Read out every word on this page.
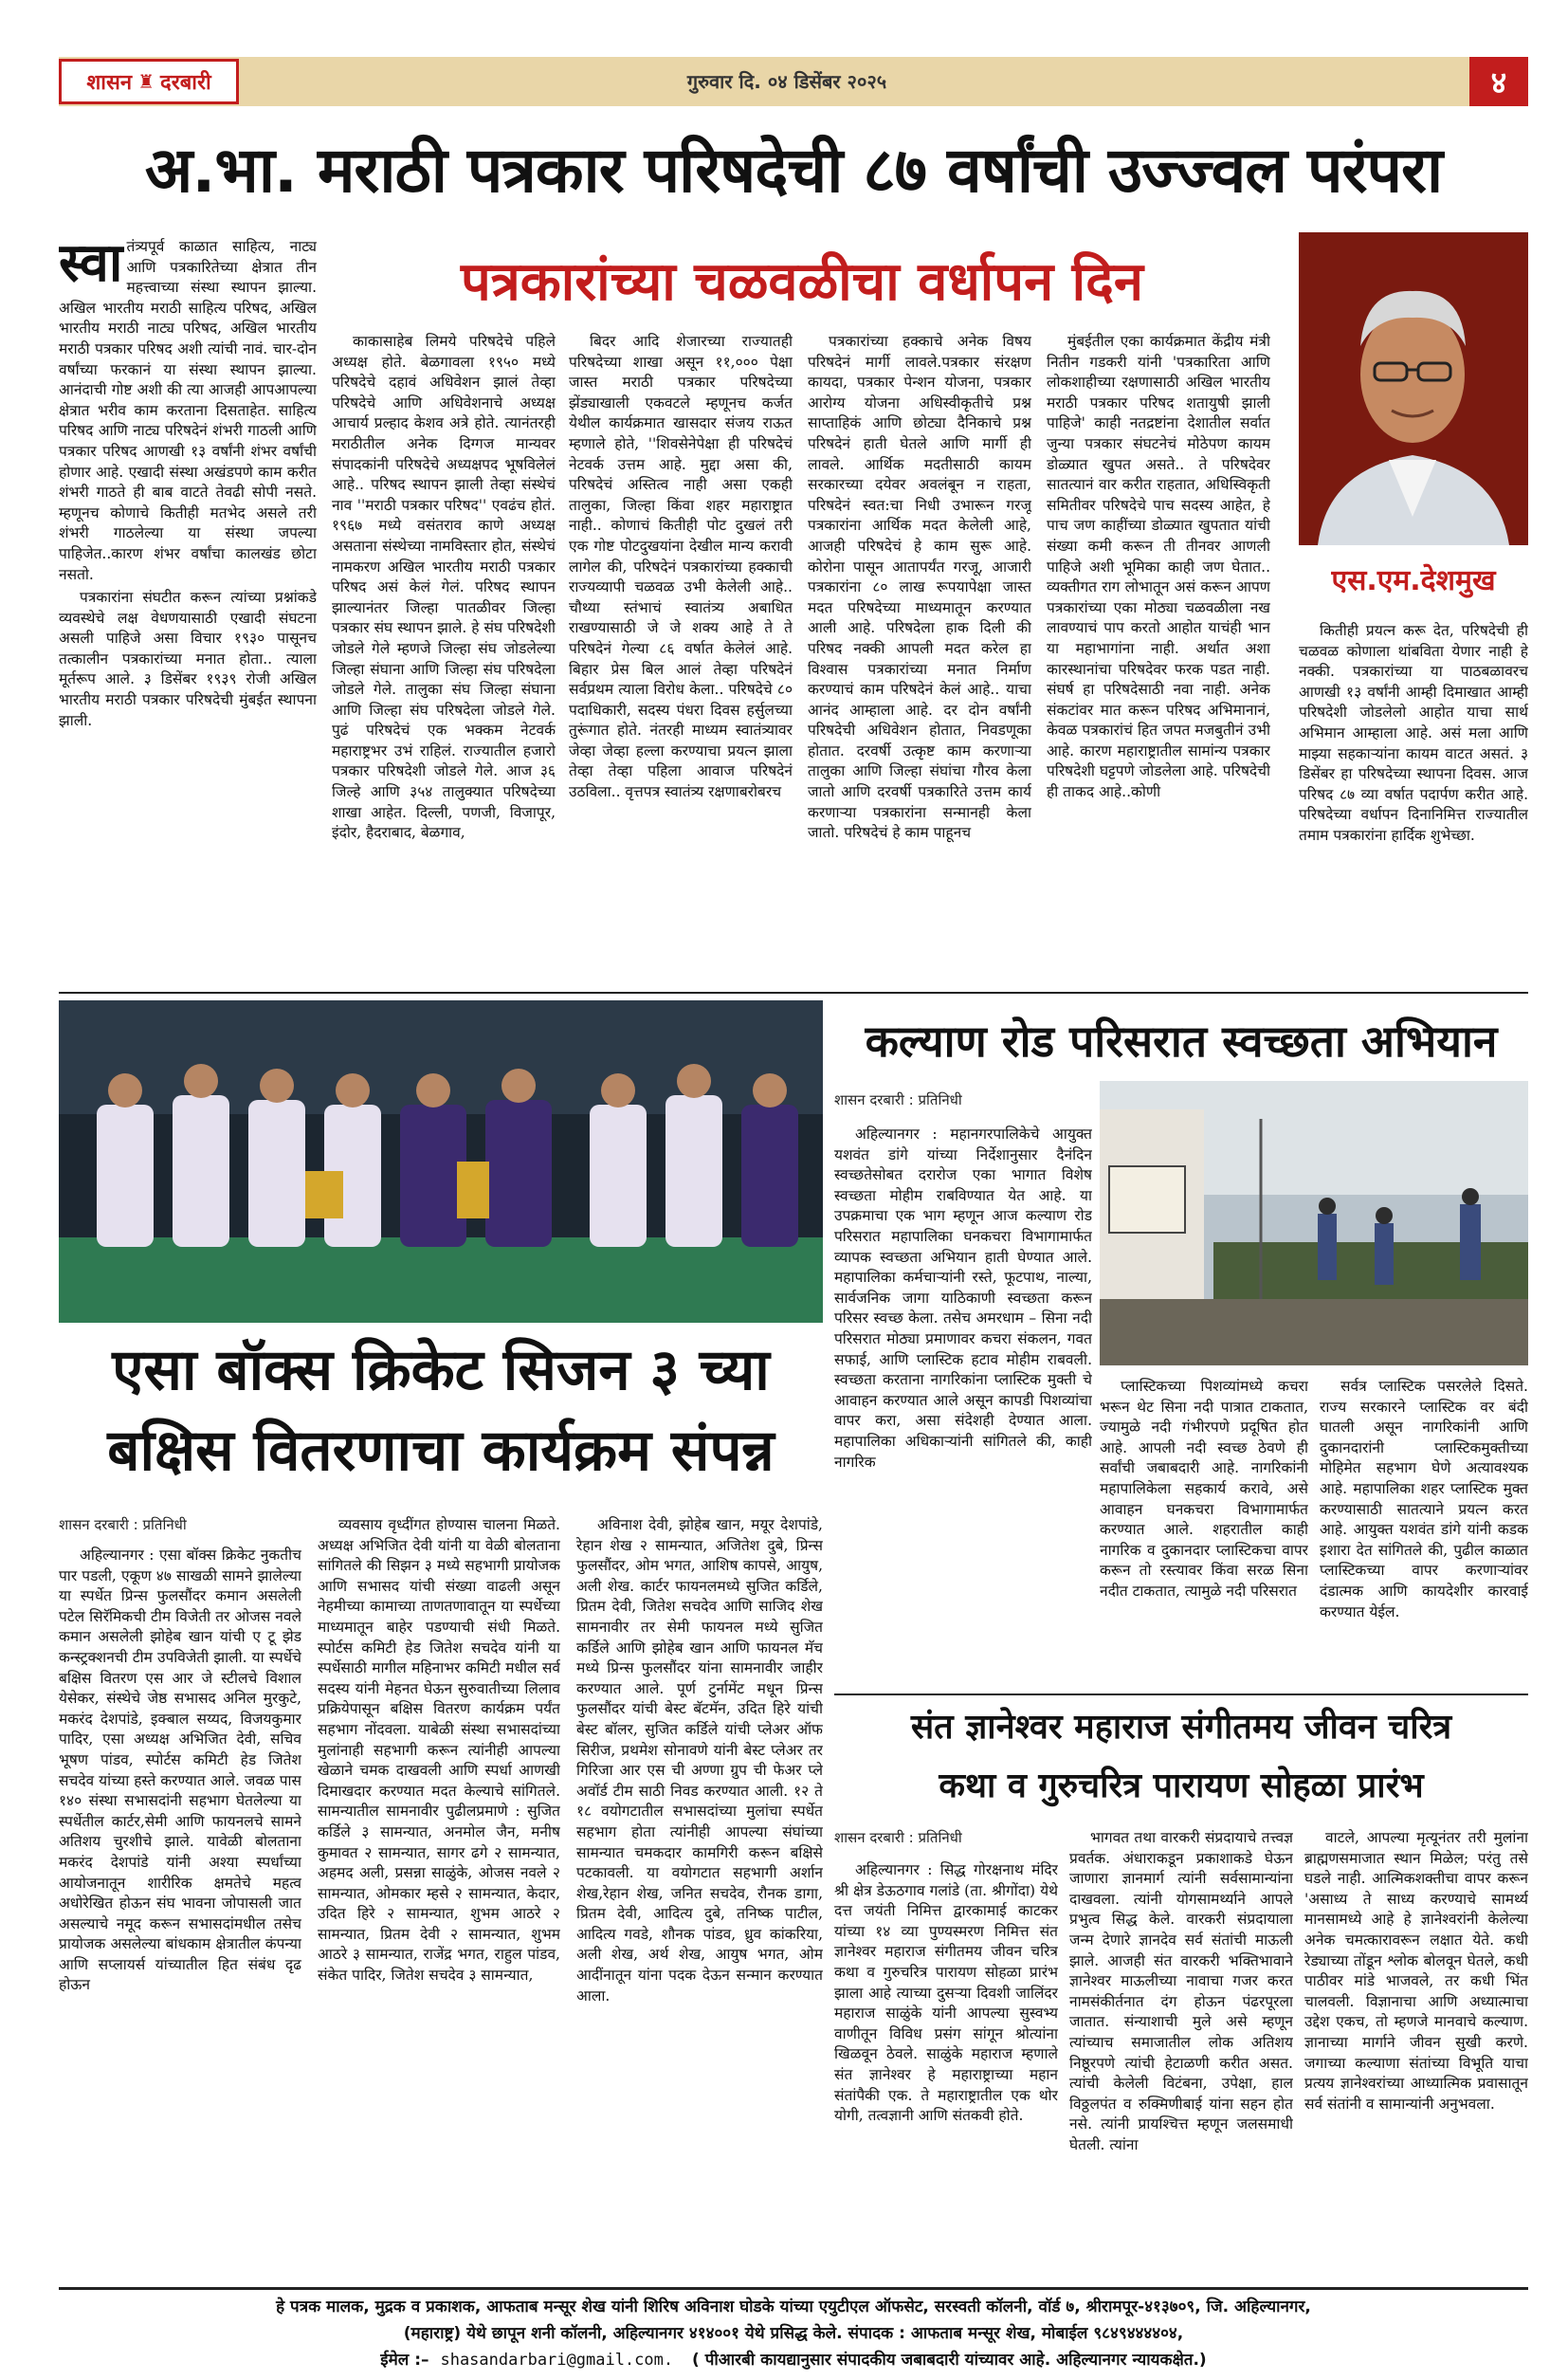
शासन ♜ दरबारी	गुरुवार दि. ०४ डिसेंबर २०२५	४
अ.भा. मराठी पत्रकार परिषदेची ८७ वर्षांची उज्ज्वल परंपरा

स्वा तंत्र्यपूर्व काळात साहित्य, नाट्य आणि पत्रकारितेच्या क्षेत्रात तीन महत्त्वाच्या संस्था स्थापन झाल्या. अखिल भारतीय मराठी साहित्य परिषद, अखिल भारतीय मराठी नाट्य परिषद, अखिल भारतीय मराठी पत्रकार परिषद अशी त्यांची नावं. चार-दोन वर्षांच्या फरकानं या संस्था स्थापन झाल्या. आनंदाची गोष्ट अशी की त्या आजही आपआपल्या क्षेत्रात भरीव काम करताना दिसताहेत. साहित्य परिषद आणि नाट्य परिषदेनं शंभरी गाठली आणि पत्रकार परिषद आणखी १३ वर्षांनी शंभर वर्षांची होणार आहे. एखादी संस्था अखंडपणे काम करीत शंभरी गाठते ही बाब वाटते तेवढी सोपी नसते. म्हणूनच कोणाचे कितीही मतभेद असले तरी शंभरी गाठलेल्या या संस्था जपल्या पाहिजेत..कारण शंभर वर्षांचा कालखंड छोटा नसतो.

पत्रकारांना संघटीत करून त्यांच्या प्रश्नांकडे व्यवस्थेचे लक्ष वेधणयासाठी एखादी संघटना असली पाहिजे असा विचार १९३० पासूनच तत्कालीन पत्रकारांच्या मनात होता.. त्याला मूर्तरूप आले. ३ डिसेंबर १९३९ रोजी अखिल भारतीय मराठी पत्रकार परिषदेची मुंबईत स्थापना झाली.

पत्रकारांच्या चळवळीचा वर्धापन दिन

काकासाहेब लिमये परिषदेचे पहिले अध्यक्ष होते. बेळगावला १९५० मध्ये परिषदेचे दहावं अधिवेशन झालं तेव्हा परिषदेचे आणि अधिवेशनाचे अध्यक्ष आचार्य प्रल्हाद केशव अत्रे होते. त्यानंतरही मराठीतील अनेक दिग्गज मान्यवर संपादकांनी परिषदेचे अध्यक्षपद भूषविलेलं आहे.. परिषद स्थापन झाली तेव्हा संस्थेचं नाव ''मराठी पत्रकार परिषद'' एवढंच होतं. १९६७ मध्ये वसंतराव काणे अध्यक्ष असताना संस्थेच्या नामविस्तार होत, संस्थेचं नामकरण अखिल भारतीय मराठी पत्रकार परिषद असं केलं गेलं. परिषद स्थापन झाल्यानंतर जिल्हा पातळीवर जिल्हा पत्रकार संघ स्थापन झाले. हे संघ परिषदेशी जोडले गेले म्हणजे जिल्हा संघ जोडलेल्या जिल्हा संघाना आणि जिल्हा संघ परिषदेला जोडले गेले. तालुका संघ जिल्हा संघाना आणि जिल्हा संघ परिषदेला जोडले गेले. पुढं परिषदेचं एक भक्कम नेटवर्क महाराष्ट्रभर उभं राहिलं. राज्यातील हजारो पत्रकार परिषदेशी जोडले गेले. आज ३६ जिल्हे आणि ३५४ तालुक्यात परिषदेच्या शाखा आहेत. दिल्ली, पणजी, विजापूर, इंदोर, हैदराबाद, बेळगाव,

बिदर आदि शेजारच्या राज्यातही परिषदेच्या शाखा असून ११,००० पेक्षा जास्त मराठी पत्रकार परिषदेच्या झेंड्याखाली एकवटले म्हणूनच कर्जत येथील कार्यक्रमात खासदार संजय राऊत म्हणाले होते, ''शिवसेनेपेक्षा ही परिषदेचं नेटवर्क उत्तम आहे. मुद्दा असा की, परिषदेचं अस्तित्व नाही असा एकही तालुका, जिल्हा किंवा शहर महाराष्ट्रात नाही.. कोणाचं कितीही पोट दुखलं तरी एक गोष्ट पोटदुखयांना देखील मान्य करावी लागेल की, परिषदेनं पत्रकारांच्या हक्काची राज्यव्यापी चळवळ उभी केलेली आहे.. चौथ्या स्तंभाचं स्वातंत्र्य अबाधित राखण्यासाठी जे जे शक्य आहे ते ते परिषदेनं गेल्या ८६ वर्षात केलेलं आहे. बिहार प्रेस बिल आलं तेव्हा परिषदेनं सर्वप्रथम त्याला विरोध केला.. परिषदेचे ८० पदाधिकारी, सदस्य पंधरा दिवस हर्सुलच्या तुरूंगात होते. नंतरही माध्यम स्वातंत्र्यावर जेव्हा जेव्हा हल्ला करण्याचा प्रयत्न झाला तेव्हा तेव्हा पहिला आवाज परिषदेनं उठविला.. वृत्तपत्र स्वातंत्र्य रक्षणाबरोबरच

पत्रकारांच्या हक्काचे अनेक विषय परिषदेनं मार्गी लावले.पत्रकार संरक्षण कायदा, पत्रकार पेन्शन योजना, पत्रकार आरोग्य योजना अधिस्वीकृतीचे प्रश्न साप्ताहिकं आणि छोट्या दैनिकाचे प्रश्न परिषदेनं हाती घेतले आणि मार्गी ही लावले. आर्थिक मदतीसाठी कायम सरकारच्या दयेवर अवलंबून न राहता, परिषदेनं स्वत:चा निधी उभारून गरजू पत्रकारांना आर्थिक मदत केलेली आहे, आजही परिषदेचं हे काम सुरू आहे. कोरोना पासून आतापर्यंत गरजू, आजारी पत्रकारांना ८० लाख रूपयापेक्षा जास्त मदत परिषदेच्या माध्यमातून करण्यात आली आहे. परिषदेला हाक दिली की परिषद नक्की आपली मदत करेल हा विश्वास पत्रकारांच्या मनात निर्माण करण्याचं काम परिषदेनं केलं आहे.. याचा आनंद आम्हाला आहे. दर दोन वर्षांनी परिषदेची अधिवेशन होतात, निवडणूका होतात. दरवर्षी उत्कृष्ट काम करणाऱ्या तालुका आणि जिल्हा संघांचा गौरव केला जातो आणि दरवर्षी पत्रकारिते उत्तम कार्य करणाऱ्या पत्रकारांना सन्मानही केला जातो. परिषदेचं हे काम पाहूनच

मुंबईतील एका कार्यक्रमात केंद्रीय मंत्री नितीन गडकरी यांनी 'पत्रकारिता आणि लोकशाहीच्या रक्षणासाठी अखिल भारतीय मराठी पत्रकार परिषद शतायुषी झाली पाहिजे' काही नतद्रष्टांना देशातील सर्वात जुन्या पत्रकार संघटनेचं मोठेपण कायम डोळ्यात खुपत असते.. ते परिषदेवर सातत्यानं वार करीत राहतात, अधिस्विकृती समितीवर परिषदेचे पाच सदस्य आहेत, हे पाच जण काहींच्या डोळ्यात खुपतात यांची संख्या कमी करून ती तीनवर आणली पाहिजे अशी भूमिका काही जण घेतात.. व्यक्तीगत राग लोभातून असं करून आपण पत्रकारांच्या एका मोठ्या चळवळीला नख लावण्याचं पाप करतो आहोत याचंही भान या महाभागांना नाही. अर्थात अशा कारस्थानांचा परिषदेवर फरक पडत नाही. संघर्ष हा परिषदेसाठी नवा नाही. अनेक संकटांवर मात करून परिषद अभिमानानं, केवळ पत्रकारांचं हित जपत मजबुतीनं उभी आहे. कारण महाराष्ट्रातील सामांन्य पत्रकार परिषदेशी घट्टपणे जोडलेला आहे. परिषदेची ही ताकद आहे..कोणी

एस.एम.देशमुख

कितीही प्रयत्न करू देत, परिषदेची ही चळवळ कोणाला थांबविता येणार नाही हे नक्की. पत्रकारांच्या या पाठबळावरच आणखी १३ वर्षांनी आम्ही दिमाखात आम्ही परिषदेशी जोडलेलो आहोत याचा सार्थ अभिमान आम्हाला आहे. असं मला आणि माझ्या सहकाऱ्यांना कायम वाटत असतं. ३ डिसेंबर हा परिषदेच्या स्थापना दिवस. आज परिषद ८७ व्या वर्षात पदार्पण करीत आहे. परिषदेच्या वर्धापन दिनानिमित्त राज्यातील तमाम पत्रकारांना हार्दिक शुभेच्छा.

एसा बॉक्स क्रिकेट सिजन ३ च्या
बक्षिस वितरणाचा कार्यक्रम संपन्न
शासन दरबारी : प्रतिनिधी

अहिल्यानगर : एसा बॉक्स क्रिकेट नुकतीच पार पडली, एकूण ४७ साखळी सामने झालेल्या या स्पर्धेत प्रिन्स फुलसौंदर कमान असलेली पटेल सिरॅमिकची टीम विजेती तर ओजस नवले कमान असलेली झोहेब खान यांची ए टू झेड कन्स्ट्रक्शनची टीम उपविजेती झाली. या स्पर्धेचे बक्षिस वितरण एस आर जे स्टीलचे विशाल येसेकर, संस्थेचे जेष्ठ सभासद अनिल मुरकुटे, मकरंद देशपांडे, इक्बाल सय्यद, विजयकुमार पादिर, एसा अध्यक्ष अभिजित देवी, सचिव भूषण पांडव, स्पोर्टस कमिटी हेड जितेश सचदेव यांच्या हस्ते करण्यात आले. जवळ पास १४० संस्था सभासदांनी सहभाग घेतलेल्या या स्पर्धेतील कार्टर,सेमी आणि फायनलचे सामने अतिशय चुरशीचे झाले. यावेळी बोलताना मकरंद देशपांडे यांनी अश्या स्पर्धांच्या आयोजनातून शारीरिक क्षमतेचे महत्व अधोरेखित होऊन संघ भावना जोपासली जात असल्याचे नमूद करून सभासदांमधील तसेच प्रायोजक असलेल्या बांधकाम क्षेत्रातील कंपन्या आणि सप्लायर्स यांच्यातील हित संबंध दृढ होऊन

व्यवसाय वृध्दींगत होण्यास चालना मिळते. अध्यक्ष अभिजित देवी यांनी या वेळी बोलताना सांगितले की सिझन ३ मध्ये सहभागी प्रायोजक आणि सभासद यांची संख्या वाढली असून नेहमीच्या कामाच्या ताणतणावातून या स्पर्धेच्या माध्यमातून बाहेर पडण्याची संधी मिळते. स्पोर्टस कमिटी हेड जितेश सचदेव यांनी या स्पर्धेसाठी मागील महिनाभर कमिटी मधील सर्व सदस्य यांनी मेहनत घेऊन सुरुवातीच्या लिलाव प्रक्रियेपासून बक्षिस वितरण कार्यक्रम पर्यंत सहभाग नोंदवला. याबेळी संस्था सभासदांच्या मुलांनाही सहभागी करून त्यांनीही आपल्या खेळाने चमक दाखवली आणि स्पर्धा आणखी दिमाखदार करण्यात मदत केल्याचे सांगितले. सामन्यातील सामनावीर पुढीलप्रमाणे : सुजित कर्डिले ३ सामन्यात, अनमोल जैन, मनीष कुमावत २ सामन्यात, सागर ढगे २ सामन्यात, अहमद अली, प्रसन्ना साळुंके, ओजस नवले २ सामन्यात, ओमकार म्हसे २ सामन्यात, केदार, उदित हिरे २ सामन्यात, शुभम आठरे २ सामन्यात, प्रितम देवी २ सामन्यात, शुभम आठरे ३ सामन्यात, राजेंद्र भगत, राहुल पांडव, संकेत पादिर, जितेश सचदेव ३ सामन्यात,

अविनाश देवी, झोहेब खान, मयूर देशपांडे, रेहान शेख २ सामन्यात, अजितेश दुबे, प्रिन्स फुलसौंदर, ओम भगत, आशिष कापसे, आयुष, अली शेख. कार्टर फायनलमध्ये सुजित कर्डिले, प्रितम देवी, जितेश सचदेव आणि साजिद शेख सामनावीर तर सेमी फायनल मध्ये सुजित कर्डिले आणि झोहेब खान आणि फायनल मॅच मध्ये प्रिन्स फुलसौंदर यांना सामनावीर जाहीर करण्यात आले. पूर्ण टुर्नामेंट मधून प्रिन्स फुलसौंदर यांची बेस्ट बॅटमॅन, उदित हिरे यांची बेस्ट बॉलर, सुजित कर्डिले यांची प्लेअर ऑफ सिरीज, प्रथमेश सोनावणे यांनी बेस्ट प्लेअर तर गिरिजा आर एस ची अण्णा ग्रुप ची फेअर प्ले अवॉर्ड टीम साठी निवड करण्यात आली. १२ ते १८ वयोगटातील सभासदांच्या मुलांचा स्पर्धेत सहभाग होता त्यांनीही आपल्या संघांच्या सामन्यात चमकदार कामगिरी करून बक्षिसे पटकावली. या वयोगटात सहभागी अर्शान शेख,रेहान शेख, जनित सचदेव, रौनक डागा, प्रितम देवी, आदित्य दुबे, तनिष्क पाटील, आदित्य गवडे, शौनक पांडव, ध्रुव कांकरिया, अली शेख, अर्थ शेख, आयुष भगत, ओम आदींनातून यांना पदक देऊन सन्मान करण्यात आला.

कल्याण रोड परिसरात स्वच्छता अभियान
शासन दरबारी : प्रतिनिधी

अहिल्यानगर : महानगरपालिकेचे आयुक्त यशवंत डांगे यांच्या निर्देशानुसार दैनंदिन स्वच्छतेसोबत दरारोज एका भागात विशेष स्वच्छता मोहीम राबविण्यात येत आहे. या उपक्रमाचा एक भाग म्हणून आज कल्याण रोड परिसरात महापालिका घनकचरा विभागामार्फत व्यापक स्वच्छता अभियान हाती घेण्यात आले. महापालिका कर्मचाऱ्यांनी रस्ते, फूटपाथ, नाल्या, सार्वजनिक जागा याठिकाणी स्वच्छता करून परिसर स्वच्छ केला. तसेच अमरधाम – सिना नदी परिसरात मोठ्या प्रमाणावर कचरा संकलन, गवत सफाई, आणि प्लास्टिक हटाव मोहीम राबवली. स्वच्छता करताना नागरिकांना प्लास्टिक मुक्ती चे आवाहन करण्यात आले असून कापडी पिशव्यांचा वापर करा, असा संदेशही देण्यात आला. महापालिका अधिकाऱ्यांनी सांगितले की, काही नागरिक

प्लास्टिकच्या पिशव्यांमध्ये कचरा भरून थेट सिना नदी पात्रात टाकतात, ज्यामुळे नदी गंभीरपणे प्रदूषित होत आहे. आपली नदी स्वच्छ ठेवणे ही सर्वांची जबाबदारी आहे. नागरिकांनी महापालिकेला सहकार्य करावे, असे आवाहन घनकचरा विभागामार्फत करण्यात आले. शहरातील काही नागरिक व दुकानदार प्लास्टिकचा वापर करून तो रस्त्यावर किंवा सरळ सिना नदीत टाकतात, त्यामुळे नदी परिसरात

सर्वत्र प्लास्टिक पसरलेले दिसते. राज्य सरकारने प्लास्टिक वर बंदी घातली असून नागरिकांनी आणि दुकानदारांनी प्लास्टिकमुक्तीच्या मोहिमेत सहभाग घेणे अत्यावश्यक आहे. महापालिका शहर प्लास्टिक मुक्त करण्यासाठी सातत्याने प्रयत्न करत आहे. आयुक्त यशवंत डांगे यांनी कडक इशारा देत सांगितले की, पुढील काळात प्लास्टिकच्या वापर करणाऱ्यांवर दंडात्मक आणि कायदेशीर कारवाई करण्यात येईल.

संत ज्ञानेश्वर महाराज संगीतमय जीवन चरित्र
कथा व गुरुचरित्र पारायण सोहळा प्रारंभ
शासन दरबारी : प्रतिनिधी

अहिल्यानगर : सिद्ध गोरक्षनाथ मंदिर श्री क्षेत्र डेऊठगाव गलांडे (ता. श्रीगोंदा) येथे दत्त जयंती निमित्त द्वारकामाई काटकर यांच्या १४ व्या पुण्यस्मरण निमित्त संत ज्ञानेश्वर महाराज संगीतमय जीवन चरित्र कथा व गुरुचरित्र पारायण सोहळा प्रारंभ झाला आहे त्याच्या दुसऱ्या दिवशी जालिंदर महाराज साळुंके यांनी आपल्या सुस्वभ्य वाणीतून विविध प्रसंग सांगून श्रोत्यांना खिळवून ठेवले. साळुंके महाराज म्हणाले संत ज्ञानेश्वर हे महाराष्ट्राच्या महान संतांपैकी एक. ते महाराष्ट्रातील एक थोर योगी, तत्वज्ञानी आणि संतकवी होते.

भागवत तथा वारकरी संप्रदायाचे तत्त्वज्ञ प्रवर्तक. अंधाराकडून प्रकाशाकडे घेऊन जाणारा ज्ञानमार्ग त्यांनी सर्वसामान्यांना दाखवला. त्यांनी योगसामर्थ्याने आपले प्रभुत्व सिद्ध केले. वारकरी संप्रदायाला जन्म देणारे ज्ञानदेव सर्व संतांची माऊली झाले. आजही संत वारकरी भक्तिभावाने ज्ञानेश्वर माऊलीच्या नावाचा गजर करत नामसंकीर्तनात दंग होऊन पंढरपूरला जातात. संन्याशाची मुले असे म्हणून त्यांच्याच समाजातील लोक अतिशय निष्ठूरपणे त्यांची हेटाळणी करीत असत. त्यांची केलेली विटंबना, उपेक्षा, हाल विठ्ठलपंत व रुक्मिणीबाई यांना सहन होत नसे. त्यांनी प्रायश्चित्त म्हणून जलसमाधी घेतली. त्यांना

वाटले, आपल्या मृत्यूनंतर तरी मुलांना ब्राह्मणसमाजात स्थान मिळेल; परंतु तसे घडले नाही. आत्मिकशक्तीचा वापर करून 'असाध्य ते साध्य करण्याचे सामर्थ्य मानसामध्ये आहे हे ज्ञानेश्वरांनी केलेल्या अनेक चमत्कारावरून लक्षात येते. कधी रेड्याच्या तोंडून श्लोक बोलवून घेतले, कधी पाठीवर मांडे भाजवले, तर कधी भिंत चालवली. विज्ञानाचा आणि अध्यात्माचा उद्देश एकच, तो म्हणजे मानवाचे कल्याण. ज्ञानाच्या मार्गाने जीवन सुखी करणे. जगाच्या कल्याणा संतांच्या विभूति याचा प्रत्यय ज्ञानेश्वरांच्या आध्यात्मिक प्रवासातून सर्व संतांनी व सामान्यांनी अनुभवला.

हे पत्रक मालक, मुद्रक व प्रकाशक, आफताब मन्सूर शेख यांनी शिरिष अविनाश घोडके यांच्या एयुटीएल ऑफसेट, सरस्वती कॉलनी, वॉर्ड ७, श्रीरामपूर-४१३७०९, जि. अहिल्यानगर,
(महाराष्ट्र) येथे छापून शनी कॉलनी, अहिल्यानगर ४१४००१ येथे प्रसिद्ध केले. संपादक : आफताब मन्सूर शेख, मोबाईल ९८४९४४४४०४,
ईमेल :– shasandarbari@gmail.com. ( पीआरबी कायद्यानुसार संपादकीय जबाबदारी यांच्यावर आहे. अहिल्यानगर न्यायकक्षेत.)
